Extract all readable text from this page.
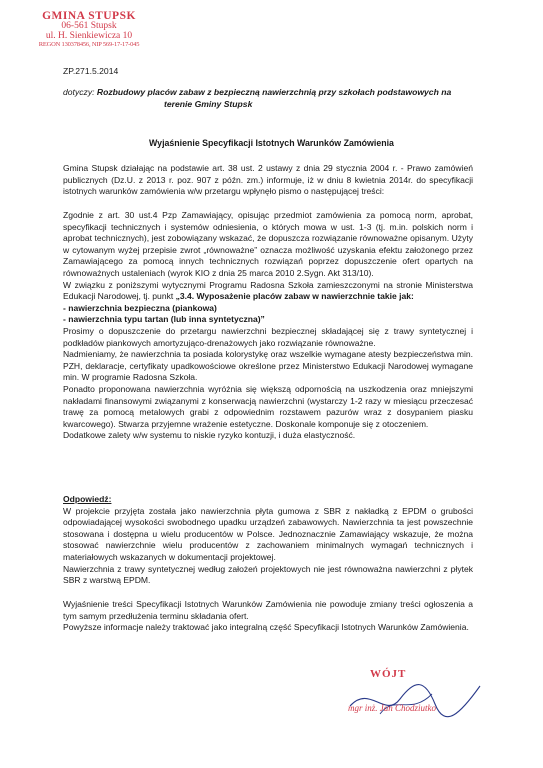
GMINA STUPSK
06-561 Stupsk
ul. H. Sienkiewicza 10
REGON 130378456, NIP 569-17-17-045
ZP.271.5.2014
dotyczy: Rozbudowy placów zabaw z bezpieczną nawierzchnią przy szkołach podstawowych na
terenie Gminy Stupsk
Wyjaśnienie Specyfikacji Istotnych Warunków Zamówienia

Gmina Stupsk działając na podstawie art. 38 ust. 2 ustawy z dnia 29 stycznia 2004 r. - Prawo zamówień publicznych (Dz.U. z 2013 r. poz. 907 z późn. zm.) informuje, iż w dniu 8 kwietnia 2014r. do specyfikacji istotnych warunków zamówienia w/w przetargu wpłynęło pismo o następującej treści:

Zgodnie z art. 30 ust.4 Pzp Zamawiający, opisując przedmiot zamówienia za pomocą norm, aprobat, specyfikacji technicznych i systemów odniesienia, o których mowa w ust. 1-3 (tj. m.in. polskich norm i aprobat technicznych), jest zobowiązany wskazać, że dopuszcza rozwiązanie równoważne opisanym. Użyty w cytowanym wyżej przepisie zwrot „równoważne” oznacza możliwość uzyskania efektu założonego przez Zamawiającego za pomocą innych technicznych rozwiązań poprzez dopuszczenie ofert opartych na równoważnych ustaleniach (wyrok KIO z dnia 25 marca 2010 2.Sygn. Akt 313/10).

W związku z poniższymi wytycznymi Programu Radosna Szkoła zamieszczonymi na stronie Ministerstwa Edukacji Narodowej, tj. punkt „3.4. Wyposażenie placów zabaw w nawierzchnie takie jak:

- nawierzchnia bezpieczna (piankowa)

- nawierzchnia typu tartan (lub inna syntetyczna)”

Prosimy o dopuszczenie do przetargu nawierzchni bezpiecznej składającej się z trawy syntetycznej i podkładów piankowych amortyzująco-drenażowych jako rozwiązanie równoważne.

Nadmieniamy, że nawierzchnia ta posiada kolorystykę oraz wszelkie wymagane atesty bezpieczeństwa min. PZH, deklaracje, certyfikaty upadkowościowe określone przez Ministerstwo Edukacji Narodowej wymagane min. W programie Radosna Szkoła.

Ponadto proponowana nawierzchnia wyróżnia się większą odpornością na uszkodzenia oraz mniejszymi nakładami finansowymi związanymi z konserwacją nawierzchni (wystarczy 1-2 razy w miesiącu przeczesać trawę za pomocą metalowych grabi z odpowiednim rozstawem pazurów wraz z dosypaniem piasku kwarcowego). Stwarza przyjemne wrażenie estetyczne. Doskonale komponuje się z otoczeniem.

Dodatkowe zalety w/w systemu to niskie ryzyko kontuzji, i duża elastyczność.

Odpowiedź:

W projekcie przyjęta została jako nawierzchnia płyta gumowa z SBR z nakładką z EPDM o grubości odpowiadającej wysokości swobodnego upadku urządzeń zabawowych. Nawierzchnia ta jest powszechnie stosowana i dostępna u wielu producentów w Polsce. Jednoznacznie Zamawiający wskazuje, że można stosować nawierzchnie wielu producentów z zachowaniem minimalnych wymagań technicznych i materiałowych wskazanych w dokumentacji projektowej.

Nawierzchnia z trawy syntetycznej według założeń projektowych nie jest równoważna nawierzchni z płytek SBR z warstwą EPDM.

Wyjaśnienie treści Specyfikacji Istotnych Warunków Zamówienia nie powoduje zmiany treści ogłoszenia a tym samym przedłużenia terminu składania ofert.

Powyższe informacje należy traktować jako integralną część Specyfikacji Istotnych Warunków Zamówienia.

WÓJT
mgr inż. Jan Chodziutko
